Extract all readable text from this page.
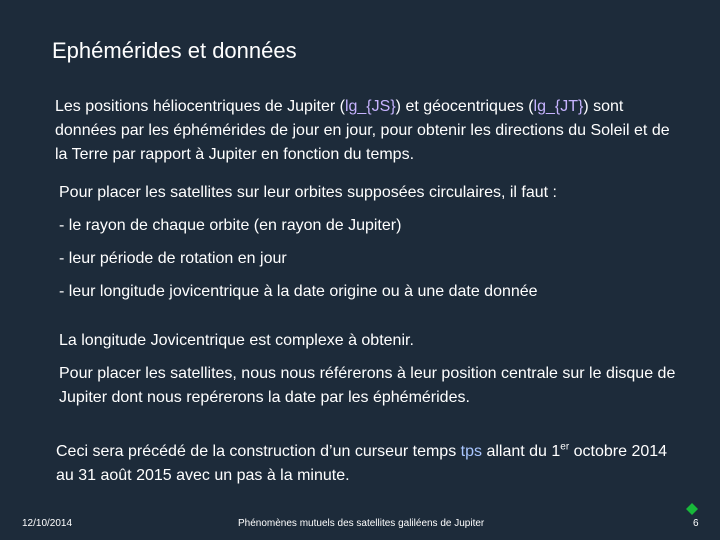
Ephémérides et données
Les positions héliocentriques de Jupiter (lg_{JS}) et géocentriques (lg_{JT}) sont données par les éphémérides de jour en jour, pour obtenir les directions du Soleil et de la Terre par rapport à Jupiter en fonction du temps.
Pour placer les satellites sur leur orbites supposées circulaires, il faut :
- le rayon de chaque orbite (en rayon de Jupiter)
- leur période de rotation en jour
- leur longitude jovicentrique à la date origine ou à une date donnée
La longitude Jovicentrique est complexe à obtenir.
Pour placer les satellites, nous nous référerons à leur position centrale sur le disque de Jupiter dont nous repérerons la date par les éphémérides.
Ceci sera précédé de la construction d’un curseur temps tps allant du 1er octobre 2014 au 31 août 2015 avec un pas à la minute.
12/10/2014	Phénomènes mutuels des satellites galiléens de Jupiter	6
